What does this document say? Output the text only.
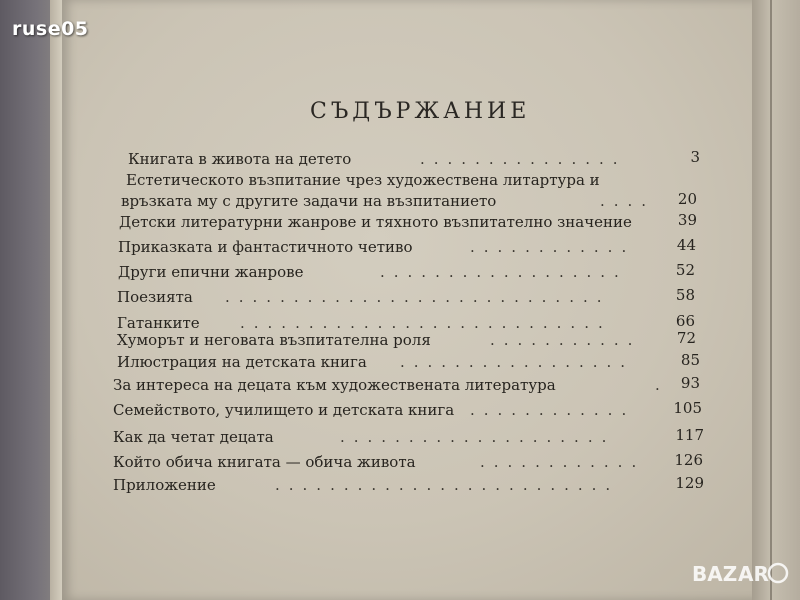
ruse05
BAZ AR
СЪДЪРЖАНИЕ
Книгата в живота на детето	...............	3
Естетическото възпитание чрез художествена литартура и
връзката му с другите задачи на възпитанието	....	20
Детски литературни жанрове и тяхното възпитателно значение	39
Приказката и фантастичното четиво	............	44
Други епични жанрове	..................	52
Поезията ............................	58
Гатанките	...........................	66
Хуморът и неговата възпитателна роля	...........	72
Илюстрация на детската книга .................	85
За интереса на децата към художествената литература	. 93
Семейството, училището и детската книга ............	105
Как да четат децата	....................	117
Който обича книгата — обича живота	............	126
Приложение	.........................	129
